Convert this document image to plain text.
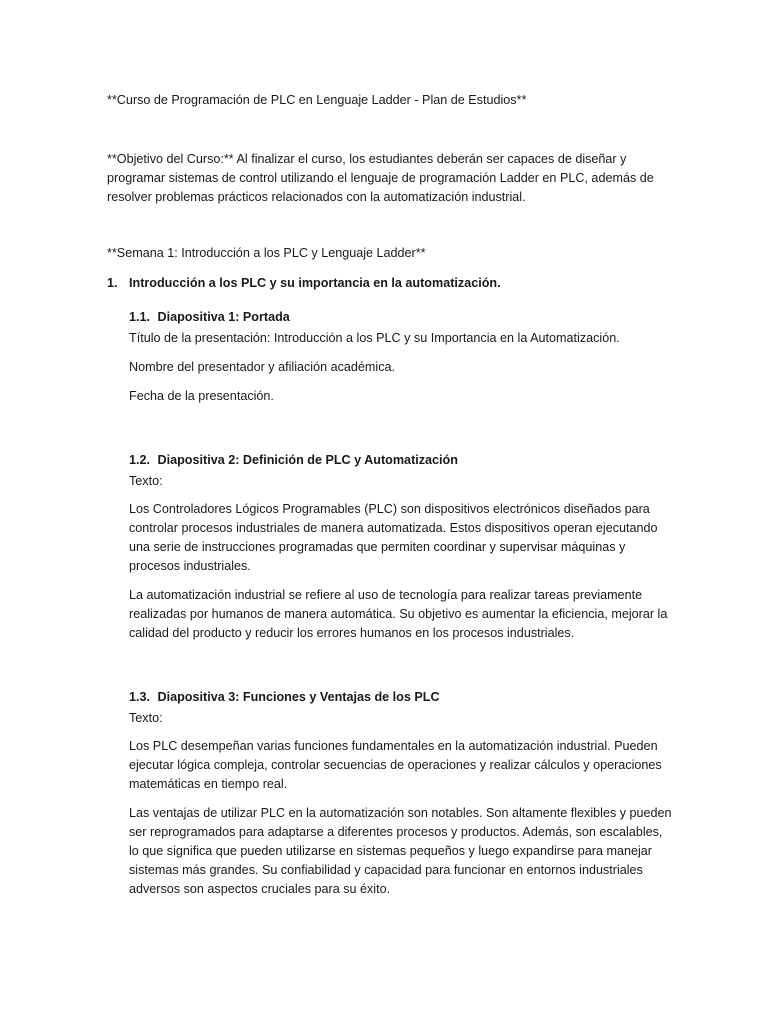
**Curso de Programación de PLC en Lenguaje Ladder - Plan de Estudios**

**Objetivo del Curso:** Al finalizar el curso, los estudiantes deberán ser capaces de diseñar y programar sistemas de control utilizando el lenguaje de programación Ladder en PLC, además de resolver problemas prácticos relacionados con la automatización industrial.

**Semana 1: Introducción a los PLC y Lenguaje Ladder**

1. Introducción a los PLC y su importancia en la automatización.

1.1. Diapositiva 1: Portada

Título de la presentación: Introducción a los PLC y su Importancia en la Automatización.

Nombre del presentador y afiliación académica.

Fecha de la presentación.

1.2. Diapositiva 2: Definición de PLC y Automatización

Texto:

Los Controladores Lógicos Programables (PLC) son dispositivos electrónicos diseñados para controlar procesos industriales de manera automatizada. Estos dispositivos operan ejecutando una serie de instrucciones programadas que permiten coordinar y supervisar máquinas y procesos industriales.

La automatización industrial se refiere al uso de tecnología para realizar tareas previamente realizadas por humanos de manera automática. Su objetivo es aumentar la eficiencia, mejorar la calidad del producto y reducir los errores humanos en los procesos industriales.

1.3. Diapositiva 3: Funciones y Ventajas de los PLC

Texto:

Los PLC desempeñan varias funciones fundamentales en la automatización industrial. Pueden ejecutar lógica compleja, controlar secuencias de operaciones y realizar cálculos y operaciones matemáticas en tiempo real.

Las ventajas de utilizar PLC en la automatización son notables. Son altamente flexibles y pueden ser reprogramados para adaptarse a diferentes procesos y productos. Además, son escalables, lo que significa que pueden utilizarse en sistemas pequeños y luego expandirse para manejar sistemas más grandes. Su confiabilidad y capacidad para funcionar en entornos industriales adversos son aspectos cruciales para su éxito.
